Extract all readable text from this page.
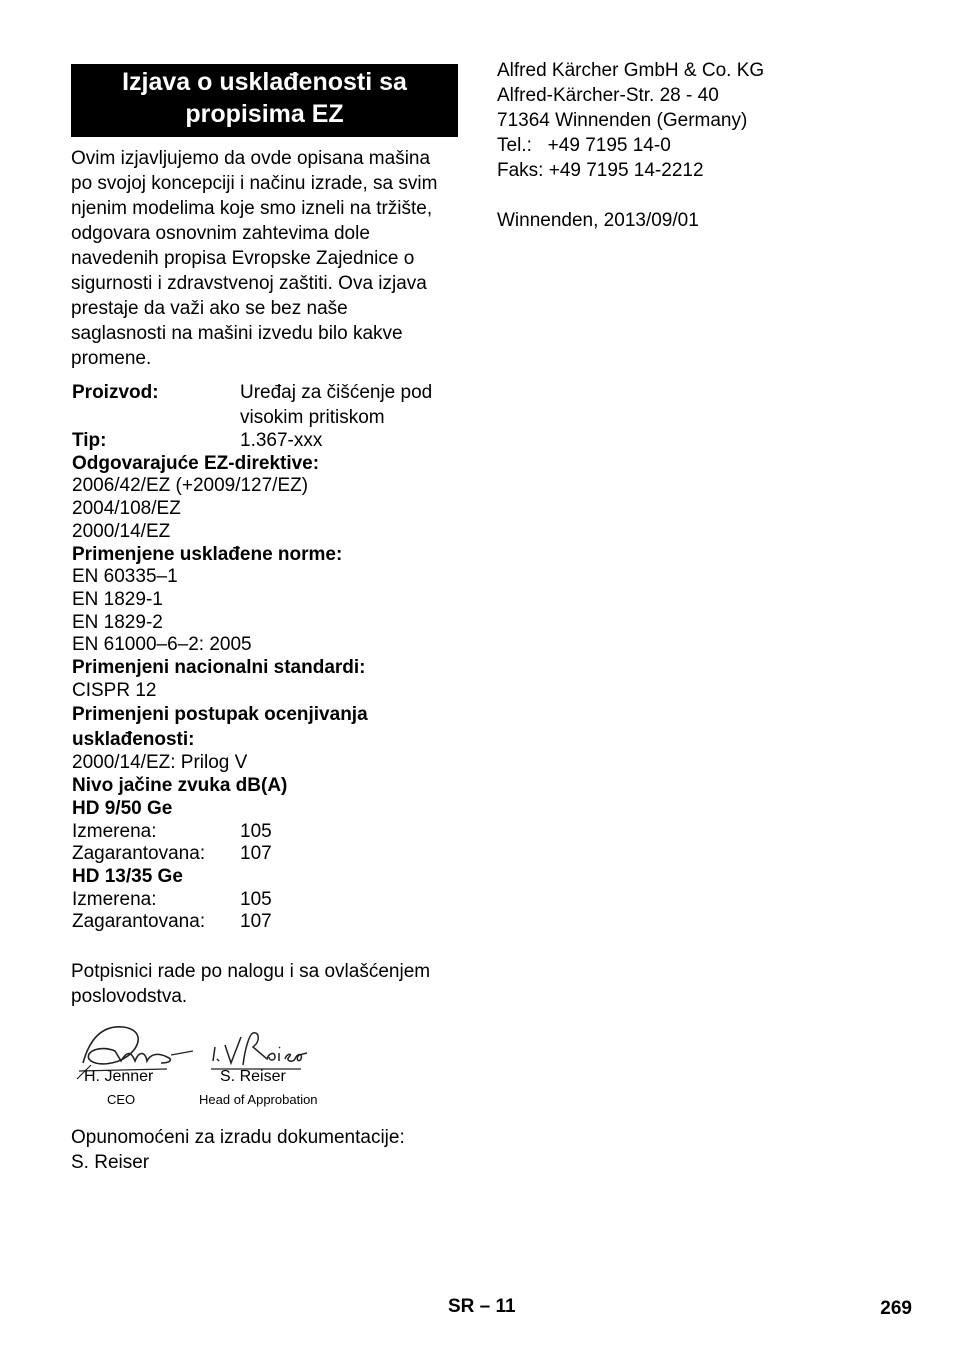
Izjava o usklađenosti sa
propisima EZ
Ovim izjavljujemo da ovde opisana mašina
po svojoj koncepciji i načinu izrade, sa svim
njenim modelima koje smo izneli na tržište,
odgovara osnovnim zahtevima dole
navedenih propisa Evropske Zajednice o
sigurnosti i zdravstvenoj zaštiti. Ova izjava
prestaje da važi ako se bez naše
saglasnosti na mašini izvedu bilo kakve
promene.
Proizvod:	Uređaj za čišćenje pod
visokim pritiskom
Tip:	1.367-xxx
Odgovarajuće EZ-direktive:
2006/42/EZ (+2009/127/EZ)
2004/108/EZ
2000/14/EZ
Primenjene usklađene norme:
EN 60335–1
EN 1829-1
EN 1829-2
EN 61000–6–2: 2005
Primenjeni nacionalni standardi:
CISPR 12
Primenjeni postupak ocenjivanja
usklađenosti:
2000/14/EZ: Prilog V
Nivo jačine zvuka dB(A)
HD 9/50 Ge
Izmerena:	105
Zagarantovana:	107
HD 13/35 Ge
Izmerena:	105
Zagarantovana:	107
Potpisnici rade po nalogu i sa ovlašćenjem
poslovodstva.
H. Jenner
CEO
S. Reiser
Head of Approbation
Opunomoćeni za izradu dokumentacije:
S. Reiser
Alfred Kärcher GmbH & Co. KG
Alfred-Kärcher-Str. 28 - 40
71364 Winnenden (Germany)
Tel.:   +49 7195 14-0
Faks: +49 7195 14-2212
Winnenden, 2013/09/01
SR – 11	269
